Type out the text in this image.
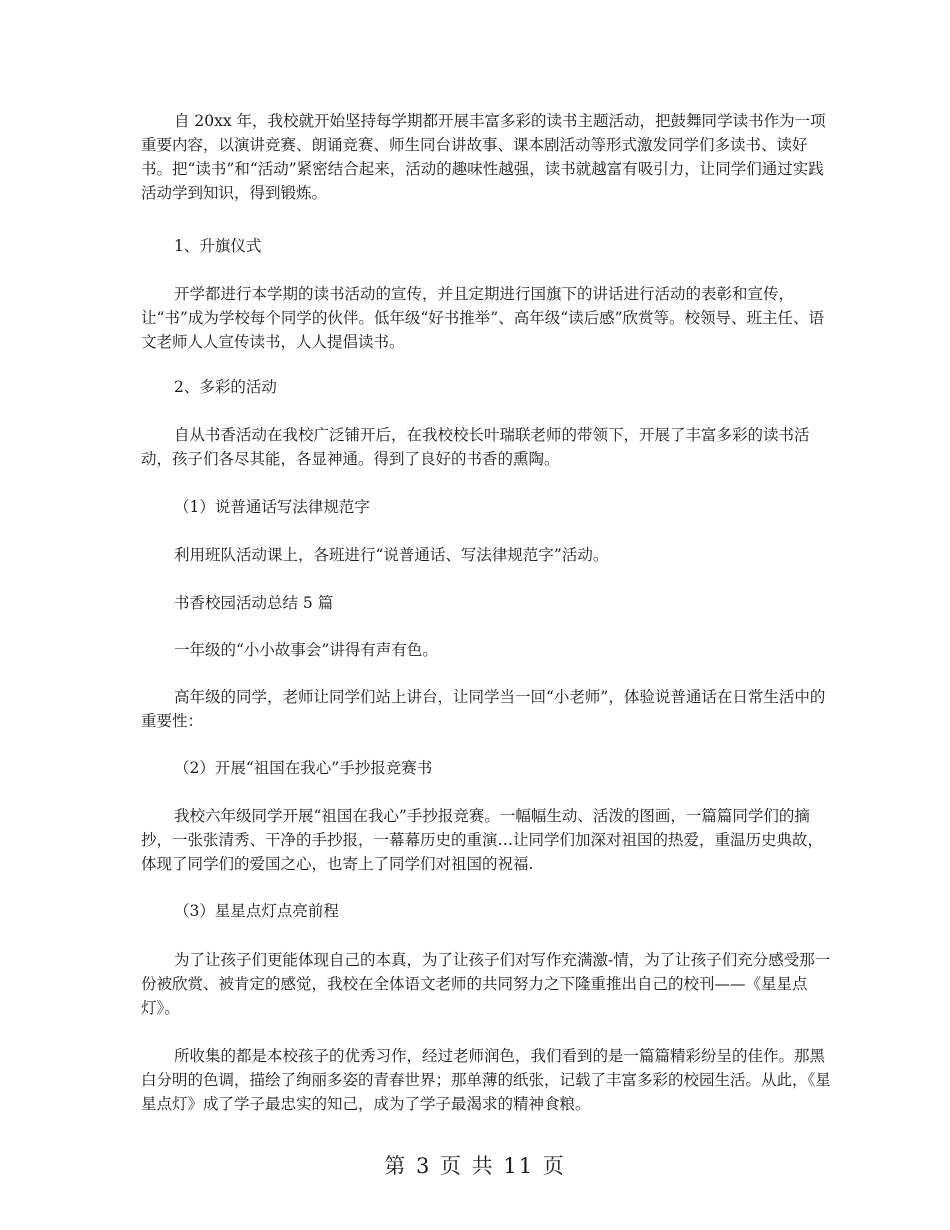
自 20xx 年，我校就开始坚持每学期都开展丰富多彩的读书主题活动，把鼓舞同学读书作为一项重要内容，以演讲竞赛、朗诵竞赛、师生同台讲故事、课本剧活动等形式激发同学们多读书、读好书。把“读书”和“活动”紧密结合起来，活动的趣味性越强，读书就越富有吸引力，让同学们通过实践活动学到知识，得到锻炼。

1、升旗仪式

开学都进行本学期的读书活动的宣传，并且定期进行国旗下的讲话进行活动的表彰和宣传，让“书”成为学校每个同学的伙伴。低年级“好书推举”、高年级“读后感”欣赏等。校领导、班主任、语文老师人人宣传读书，人人提倡读书。

2、多彩的活动

自从书香活动在我校广泛铺开后，在我校校长叶瑞联老师的带领下，开展了丰富多彩的读书活动，孩子们各尽其能，各显神通。得到了良好的书香的熏陶。

（1）说普通话写法律规范字

利用班队活动课上，各班进行“说普通话、写法律规范字”活动。

书香校园活动总结 5 篇

一年级的“小小故事会”讲得有声有色。

高年级的同学，老师让同学们站上讲台，让同学当一回“小老师”，体验说普通话在日常生活中的重要性：

（2）开展“祖国在我心”手抄报竞赛书

我校六年级同学开展“祖国在我心”手抄报竞赛。一幅幅生动、活泼的图画，一篇篇同学们的摘抄，一张张清秀、干净的手抄报，一幕幕历史的重演…让同学们加深对祖国的热爱，重温历史典故，体现了同学们的爱国之心，也寄上了同学们对祖国的祝福.

（3）星星点灯点亮前程

为了让孩子们更能体现自己的本真，为了让孩子们对写作充满激-情，为了让孩子们充分感受那一份被欣赏、被肯定的感觉，我校在全体语文老师的共同努力之下隆重推出自己的校刊——《星星点灯》。

所收集的都是本校孩子的优秀习作，经过老师润色，我们看到的是一篇篇精彩纷呈的佳作。那黑白分明的色调，描绘了绚丽多姿的青春世界；那单薄的纸张，记载了丰富多彩的校园生活。从此，《星星点灯》成了学子最忠实的知己，成为了学子最渴求的精神食粮。

第 3 页 共 11 页
